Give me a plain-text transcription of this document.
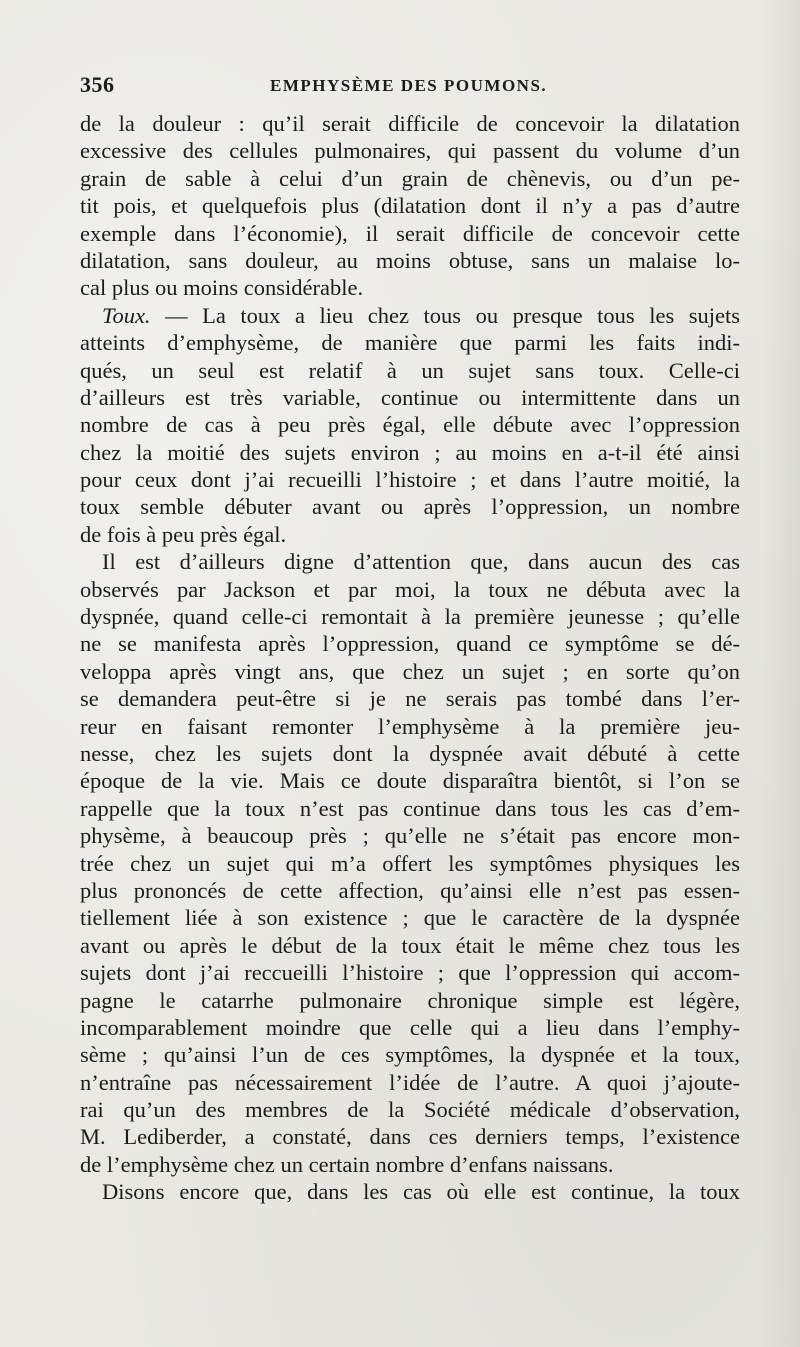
356	EMPHYSÈME DES POUMONS.
de la douleur : qu’il serait difficile de concevoir la dilatation
excessive des cellules pulmonaires, qui passent du volume d’un
grain de sable à celui d’un grain de chènevis, ou d’un pe-
tit pois, et quelquefois plus (dilatation dont il n’y a pas d’autre
exemple dans l’économie), il serait difficile de concevoir cette
dilatation, sans douleur, au moins obtuse, sans un malaise lo-
cal plus ou moins considérable.
Toux. — La toux a lieu chez tous ou presque tous les sujets
atteints d’emphysème, de manière que parmi les faits indi-
qués, un seul est relatif à un sujet sans toux. Celle-ci
d’ailleurs est très variable, continue ou intermittente dans un
nombre de cas à peu près égal, elle débute avec l’oppression
chez la moitié des sujets environ ; au moins en a-t-il été ainsi
pour ceux dont j’ai recueilli l’histoire ; et dans l’autre moitié, la
toux semble débuter avant ou après l’oppression, un nombre
de fois à peu près égal.
Il est d’ailleurs digne d’attention que, dans aucun des cas
observés par Jackson et par moi, la toux ne débuta avec la
dyspnée, quand celle-ci remontait à la première jeunesse ; qu’elle
ne se manifesta après l’oppression, quand ce symptôme se dé-
veloppa après vingt ans, que chez un sujet ; en sorte qu’on
se demandera peut-être si je ne serais pas tombé dans l’er-
reur en faisant remonter l’emphysème à la première jeu-
nesse, chez les sujets dont la dyspnée avait débuté à cette
époque de la vie. Mais ce doute disparaîtra bientôt, si l’on se
rappelle que la toux n’est pas continue dans tous les cas d’em-
physème, à beaucoup près ; qu’elle ne s’était pas encore mon-
trée chez un sujet qui m’a offert les symptômes physiques les
plus prononcés de cette affection, qu’ainsi elle n’est pas essen-
tiellement liée à son existence ; que le caractère de la dyspnée
avant ou après le début de la toux était le même chez tous les
sujets dont j’ai reccueilli l’histoire ; que l’oppression qui accom-
pagne le catarrhe pulmonaire chronique simple est légère,
incomparablement moindre que celle qui a lieu dans l’emphy-
sème ; qu’ainsi l’un de ces symptômes, la dyspnée et la toux,
n’entraîne pas nécessairement l’idée de l’autre. A quoi j’ajoute-
rai qu’un des membres de la Société médicale d’observation,
M. Lediberder, a constaté, dans ces derniers temps, l’existence
de l’emphysème chez un certain nombre d’enfans naissans.
Disons encore que, dans les cas où elle est continue, la toux
